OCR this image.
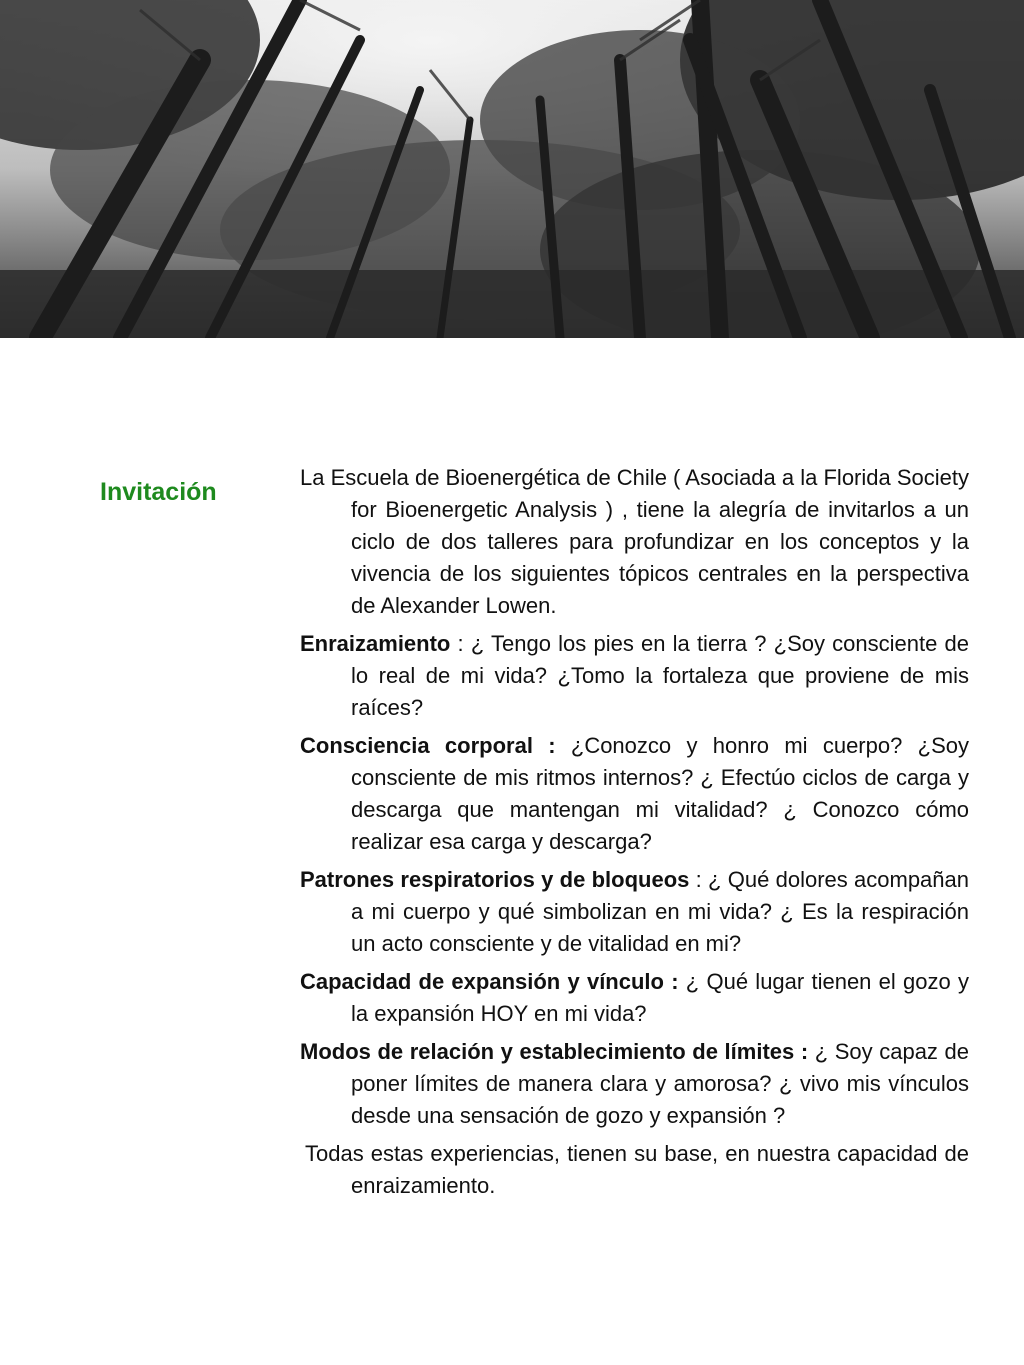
Invitación

La Escuela de Bioenergética de Chile ( Asociada a la Florida Society for Bioenergetic Analysis ) , tiene la alegría de invitarlos a un ciclo de dos talleres para profundizar en los conceptos y la vivencia de los siguientes tópicos centrales en la perspectiva de Alexander Lowen.

Enraizamiento : ¿ Tengo los pies en la tierra ? ¿Soy consciente de lo real de mi vida? ¿Tomo la fortaleza que proviene de mis raíces?

Consciencia corporal : ¿Conozco y honro mi cuerpo? ¿Soy consciente de mis ritmos internos? ¿ Efectúo ciclos de carga y descarga que mantengan mi vitalidad? ¿ Conozco cómo realizar esa carga y descarga?

Patrones respiratorios y de bloqueos : ¿ Qué dolores acompañan a mi cuerpo y qué simbolizan en mi vida? ¿ Es la respiración un acto consciente y de vitalidad en mi?

Capacidad de expansión y vínculo : ¿ Qué lugar tienen el gozo y la expansión HOY en mi vida?

Modos de relación y establecimiento de límites : ¿ Soy capaz de poner límites de manera clara y amorosa? ¿ vivo mis vínculos desde una sensación de gozo y expansión ?

Todas estas experiencias, tienen su base, en nuestra capacidad de enraizamiento.
